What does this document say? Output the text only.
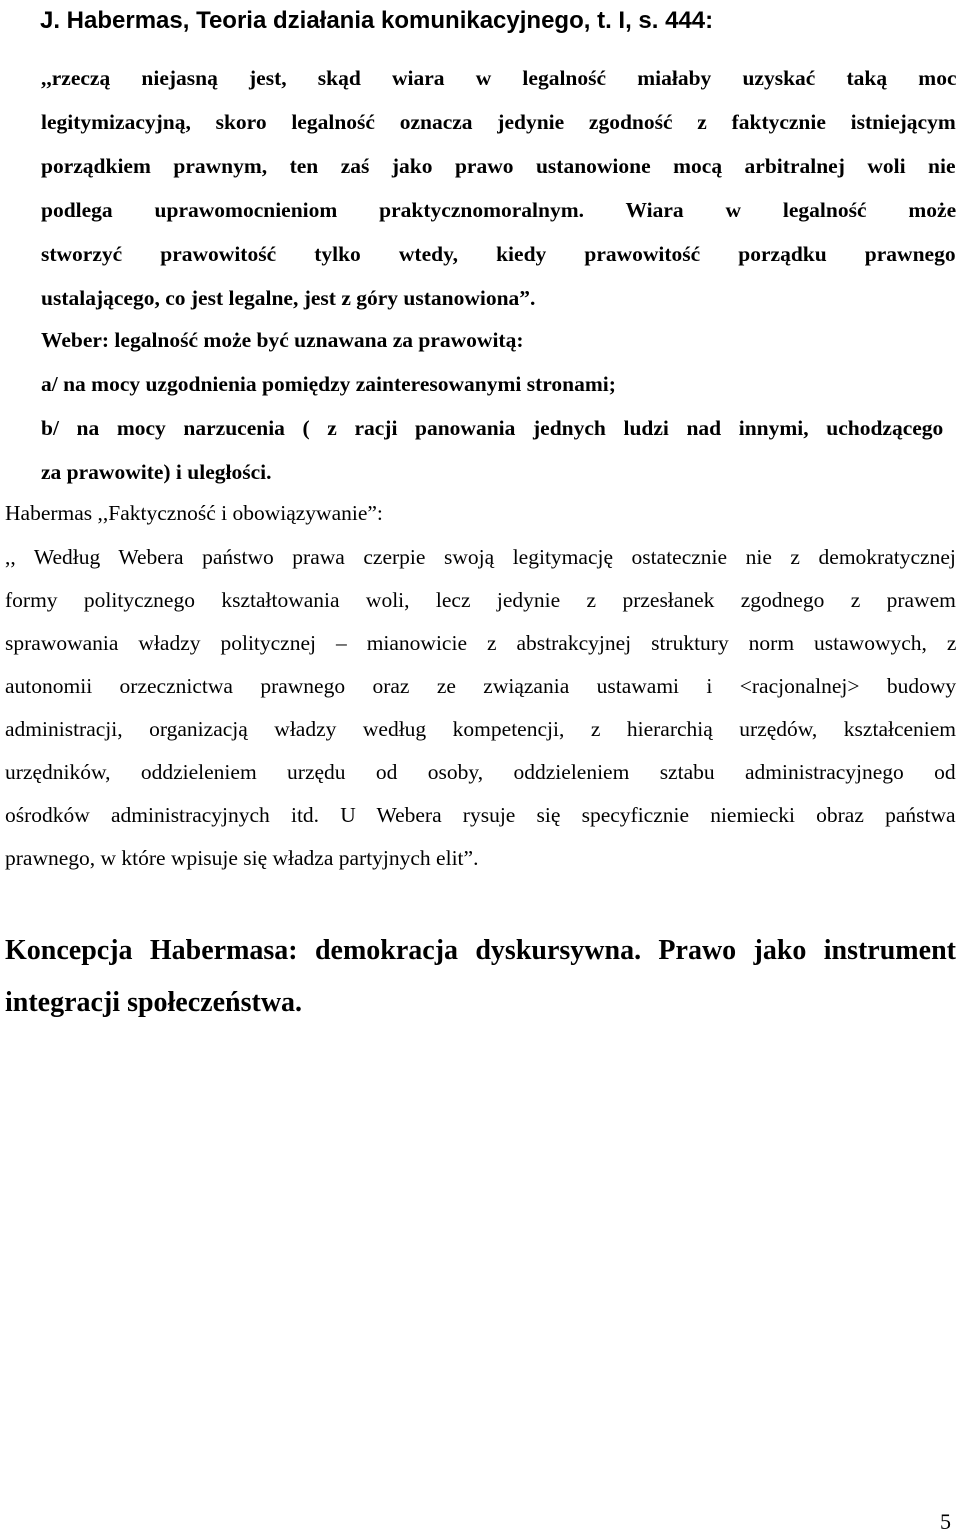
J. Habermas, Teoria działania komunikacyjnego, t. I, s. 444:
,,rzeczą niejasną jest, skąd wiara w legalność miałaby uzyskać taką moc
legitymizacyjną, skoro legalność oznacza jedynie zgodność z faktycznie istniejącym
porządkiem prawnym, ten zaś jako prawo ustanowione mocą arbitralnej woli nie
podlega uprawomocnieniom praktycznomoralnym. Wiara w legalność może
stworzyć prawowitość tylko wtedy, kiedy prawowitość porządku prawnego
ustalającego, co jest legalne, jest z góry ustanowiona”.
Weber: legalność może być uznawana za prawowitą:
a/ na mocy uzgodnienia pomiędzy zainteresowanymi stronami;
b/ na mocy narzucenia ( z racji panowania jednych ludzi nad innymi, uchodzącego
za prawowite) i uległości.
Habermas ,,Faktyczność i obowiązywanie”:
,, Według Webera państwo prawa czerpie swoją legitymację ostatecznie nie z demokratycznej formy politycznego kształtowania woli, lecz jedynie z przesłanek zgodnego z prawem sprawowania władzy politycznej – mianowicie z abstrakcyjnej struktury norm ustawowych, z autonomii orzecznictwa prawnego oraz ze związania ustawami i <racjonalnej> budowy administracji, organizacją władzy według kompetencji, z hierarchią urzędów, kształceniem urzędników, oddzieleniem urzędu od osoby, oddzieleniem sztabu administracyjnego od ośrodków administracyjnych itd. U Webera rysuje się specyficznie niemiecki obraz państwa
prawnego, w które wpisuje się władza partyjnych elit”.
Koncepcja Habermasa: demokracja dyskursywna. Prawo jako instrument
integracji społeczeństwa.
5
